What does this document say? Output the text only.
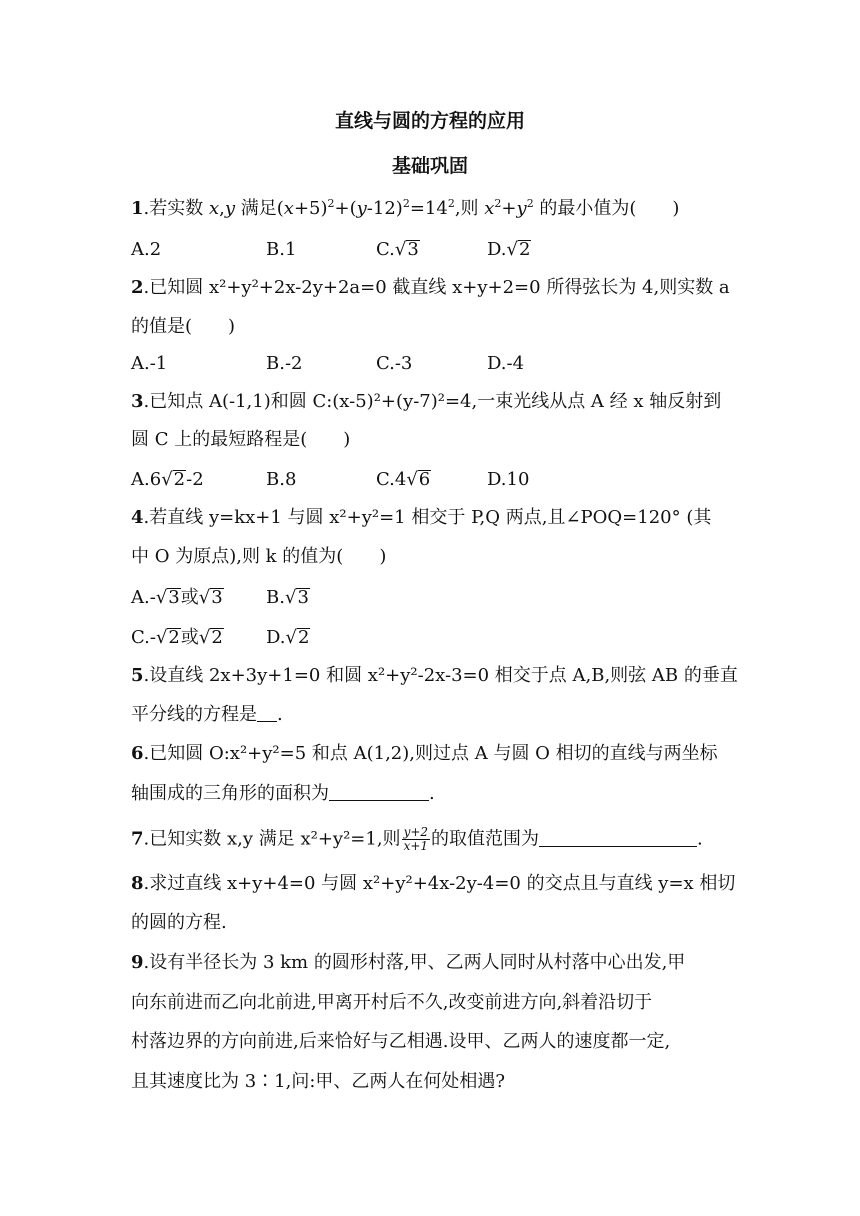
直线与圆的方程的应用
基础巩固
1.若实数 x,y 满足$(x+5)^2+(y-12)^2=14^2$,则 $x^2+y^2$ 的最小值为(　　)
A.2	B.1	C.√3	D.√2
2.已知圆 x²+y²+2x-2y+2a=0 截直线 x+y+2=0 所得弦长为 4,则实数 a
的值是(　　)
A.-1	B.-2	C.-3	D.-4
3.已知点 A(-1,1)和圆 C:(x-5)²+(y-7)²=4,一束光线从点 A 经 x 轴反射到
圆 C 上的最短路程是(　　)
A.6√2-2	B.8	C.4√6	D.10
4.若直线 y=kx+1 与圆 x²+y²=1 相交于 P,Q 两点,且∠POQ=120° (其
中 O 为原点),则 k 的值为(　　)
A.-√3或√3 B.√3
C.-√2或√2 D.√2
5.设直线 2x+3y+1=0 和圆 x²+y²-2x-3=0 相交于点 A,B,则弦 AB 的垂直
平分线的方程是 .
6.已知圆 O:x²+y²=5 和点 A(1,2),则过点 A 与圆 O 相切的直线与两坐标
轴围成的三角形的面积为	.
7.已知实数 x,y 满足 x²+y²=1,则 $\frac{y+2}{x+1}$ 的取值范围为	.
8.求过直线 x+y+4=0 与圆 x²+y²+4x-2y-4=0 的交点且与直线 y=x 相切
的圆的方程.
9.设有半径长为 3 km 的圆形村落,甲、乙两人同时从村落中心出发,甲
向东前进而乙向北前进,甲离开村后不久,改变前进方向,斜着沿切于
村落边界的方向前进,后来恰好与乙相遇.设甲、乙两人的速度都一定,
且其速度比为 3∶1,问:甲、乙两人在何处相遇?
